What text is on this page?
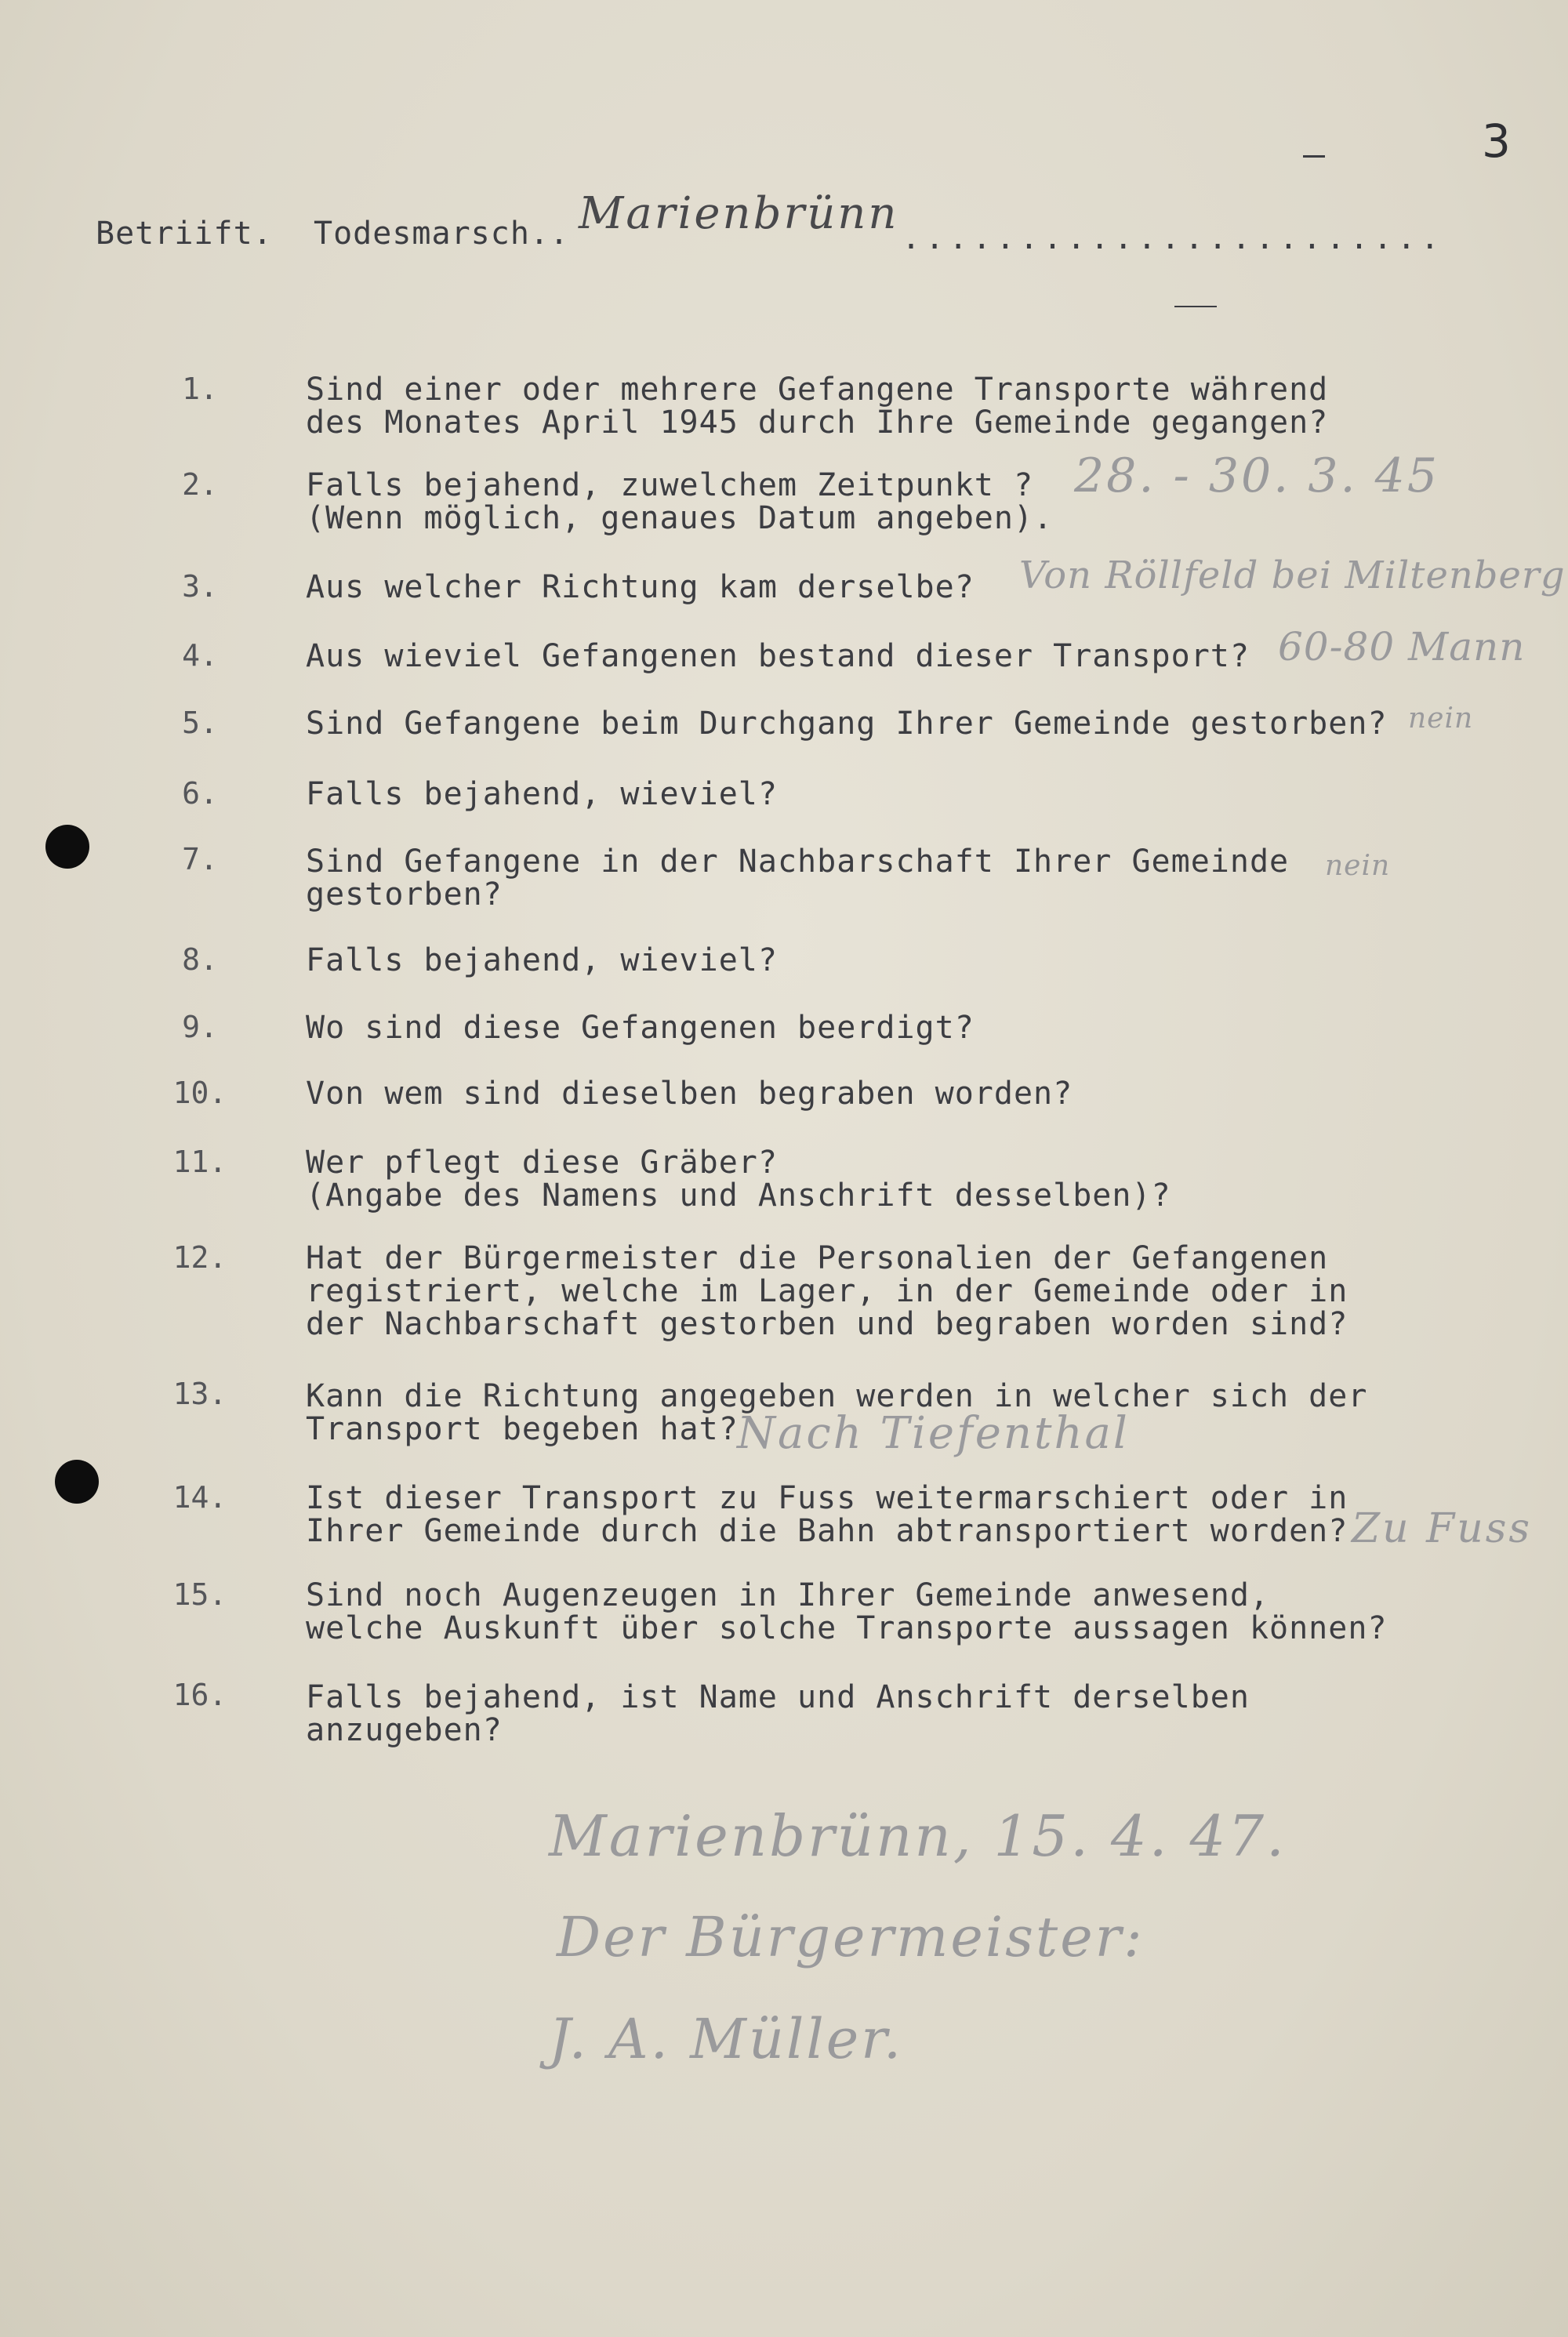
3
Betriift. Todesmarsch.. Marienbrünn .......................
1.	Sind einer oder mehrere Gefangene Transporte während
des Monates April 1945 durch Ihre Gemeinde gegangen?
2.	Falls bejahend, zuwelchem Zeitpunkt ?
(Wenn möglich, genaues Datum angeben).
28. - 30. 3. 45
3.	Aus welcher Richtung kam derselbe?	Von Röllfeld bei Miltenberg
4.	Aus wieviel Gefangenen bestand dieser Transport? 60-80 Mann
5.	Sind Gefangene beim Durchgang Ihrer Gemeinde gestorben? nein
6.	Falls bejahend, wieviel?
7.	Sind Gefangene in der Nachbarschaft Ihrer Gemeinde
gestorben?
nein
8.	Falls bejahend, wieviel?
9.	Wo sind diese Gefangenen beerdigt?
10.	Von wem sind dieselben begraben worden?
11.	Wer pflegt diese Gräber?
(Angabe des Namens und Anschrift desselben)?
12.	Hat der Bürgermeister die Personalien der Gefangenen
registriert, welche im Lager, in der Gemeinde oder in
der Nachbarschaft gestorben und begraben worden sind?
13.	Kann die Richtung angegeben werden in welcher sich der
Transport begeben hat?
Nach Tiefenthal
14.	Ist dieser Transport zu Fuss weitermarschiert oder in
Ihrer Gemeinde durch die Bahn abtransportiert worden? Zu Fuss
15.	Sind noch Augenzeugen in Ihrer Gemeinde anwesend,
welche Auskunft über solche Transporte aussagen können?
16.	Falls bejahend, ist Name und Anschrift derselben
anzugeben?
Marienbrünn, 15. 4. 47.
Der Bürgermeister:
J. A. Müller.
